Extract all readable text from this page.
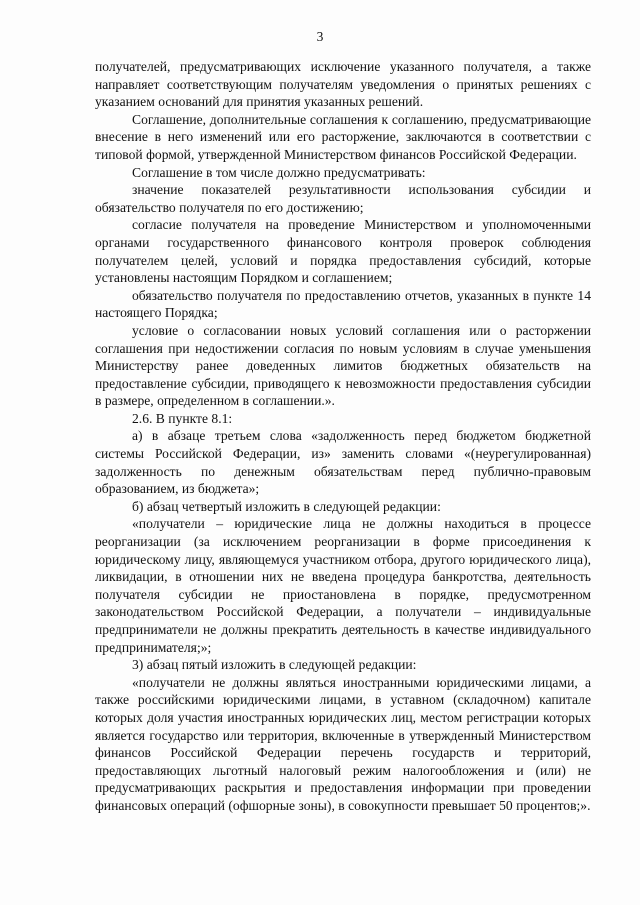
3

получателей, предусматривающих исключение указанного получателя, а также направляет соответствующим получателям уведомления о принятых решениях с указанием оснований для принятия указанных решений.

Соглашение, дополнительные соглашения к соглашению, предусматривающие внесение в него изменений или его расторжение, заключаются в соответствии с типовой формой, утвержденной Министерством финансов Российской Федерации.

Соглашение в том числе должно предусматривать:

значение показателей результативности использования субсидии и обязательство получателя по его достижению;

согласие получателя на проведение Министерством и уполномоченными органами государственного финансового контроля проверок соблюдения получателем целей, условий и порядка предоставления субсидий, которые установлены настоящим Порядком и соглашением;

обязательство получателя по предоставлению отчетов, указанных в пункте 14 настоящего Порядка;

условие о согласовании новых условий соглашения или о расторжении соглашения при недостижении согласия по новым условиям в случае уменьшения Министерству ранее доведенных лимитов бюджетных обязательств на предоставление субсидии, приводящего к невозможности предоставления субсидии в размере, определенном в соглашении.».

2.6. В пункте 8.1:

а) в абзаце третьем слова «задолженность перед бюджетом бюджетной системы Российской Федерации, из» заменить словами «(неурегулированная) задолженность по денежным обязательствам перед публично-правовым образованием, из бюджета»;

б) абзац четвертый изложить в следующей редакции:

«получатели – юридические лица не должны находиться в процессе реорганизации (за исключением реорганизации в форме присоединения к юридическому лицу, являющемуся участником отбора, другого юридического лица), ликвидации, в отношении них не введена процедура банкротства, деятельность получателя субсидии не приостановлена в порядке, предусмотренном законодательством Российской Федерации, а получатели – индивидуальные предприниматели не должны прекратить деятельность в качестве индивидуального предпринимателя;»;

3) абзац пятый изложить в следующей редакции:

«получатели не должны являться иностранными юридическими лицами, а также российскими юридическими лицами, в уставном (складочном) капитале которых доля участия иностранных юридических лиц, местом регистрации которых является государство или территория, включенные в утвержденный Министерством финансов Российской Федерации перечень государств и территорий, предоставляющих льготный налоговый режим налогообложения и (или) не предусматривающих раскрытия и предоставления информации при проведении финансовых операций (офшорные зоны), в совокупности превышает 50 процентов;».
